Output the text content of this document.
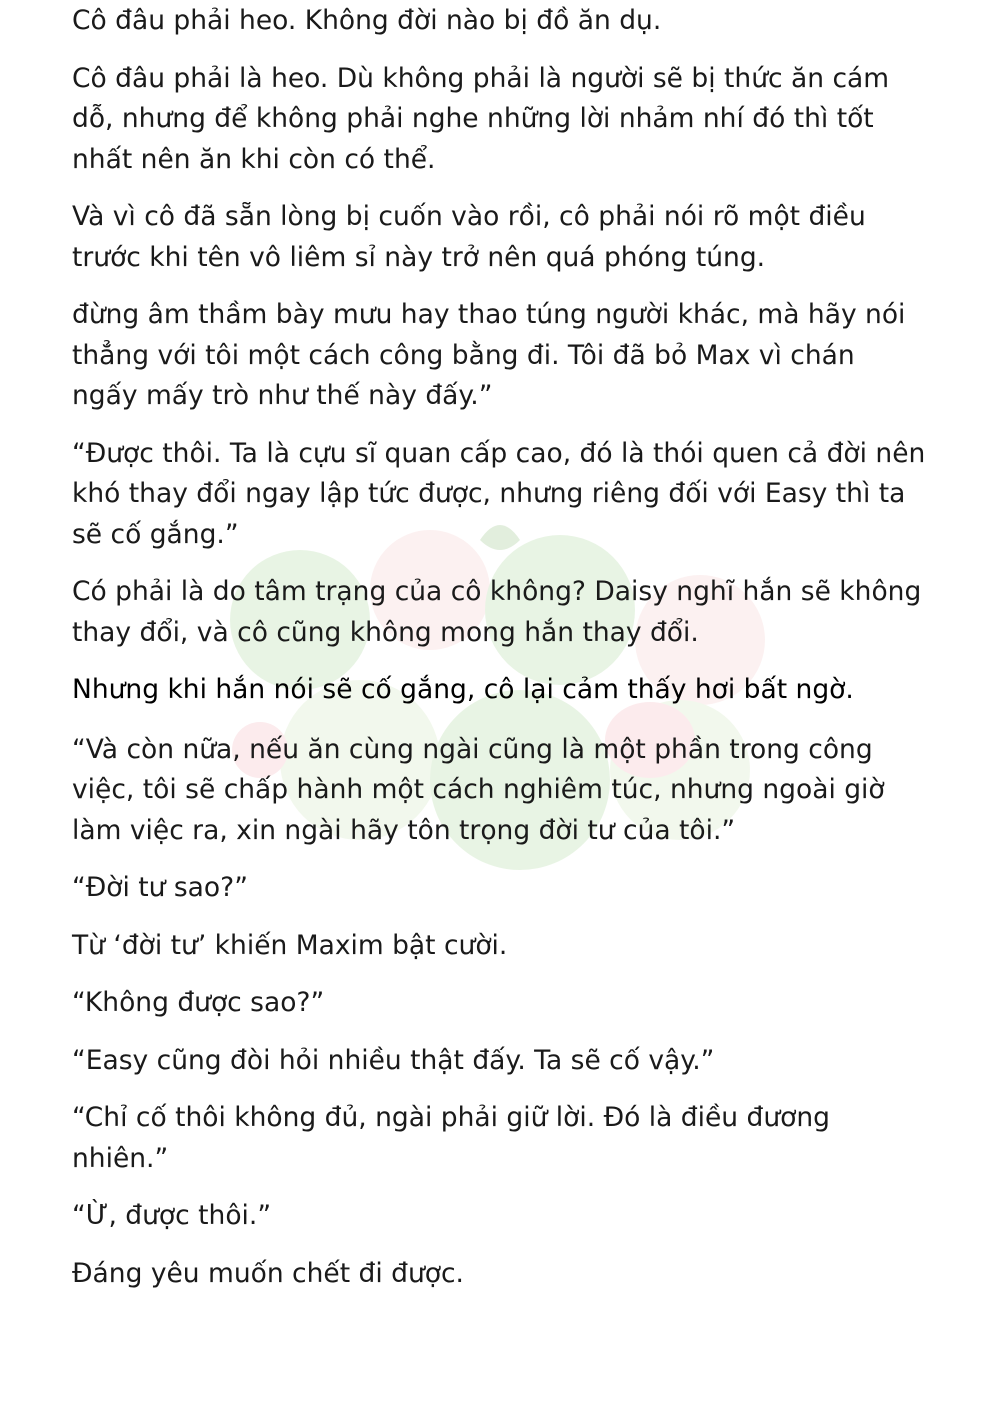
Cô đâu phải heo. Không đời nào bị đồ ăn dụ.

Cô đâu phải là heo. Dù không phải là người sẽ bị thức ăn cám
dỗ, nhưng để không phải nghe những lời nhảm nhí đó thì tốt
nhất nên ăn khi còn có thể.

Và vì cô đã sẵn lòng bị cuốn vào rồi, cô phải nói rõ một điều
trước khi tên vô liêm sỉ này trở nên quá phóng túng.

đừng âm thầm bày mưu hay thao túng người khác, mà hãy nói
thẳng với tôi một cách công bằng đi. Tôi đã bỏ Max vì chán
ngấy mấy trò như thế này đấy.”

“Được thôi. Ta là cựu sĩ quan cấp cao, đó là thói quen cả đời nên
khó thay đổi ngay lập tức được, nhưng riêng đối với Easy thì ta
sẽ cố gắng.”

Có phải là do tâm trạng của cô không? Daisy nghĩ hắn sẽ không
thay đổi, và cô cũng không mong hắn thay đổi.

Nhưng khi hắn nói sẽ cố gắng, cô lại cảm thấy hơi bất ngờ.

“Và còn nữa, nếu ăn cùng ngài cũng là một phần trong công
việc, tôi sẽ chấp hành một cách nghiêm túc, nhưng ngoài giờ
làm việc ra, xin ngài hãy tôn trọng đời tư của tôi.”

“Đời tư sao?”

Từ ‘đời tư’ khiến Maxim bật cười.

“Không được sao?”

“Easy cũng đòi hỏi nhiều thật đấy. Ta sẽ cố vậy.”

“Chỉ cố thôi không đủ, ngài phải giữ lời. Đó là điều đương
nhiên.”

“Ừ, được thôi.”

Đáng yêu muốn chết đi được.
